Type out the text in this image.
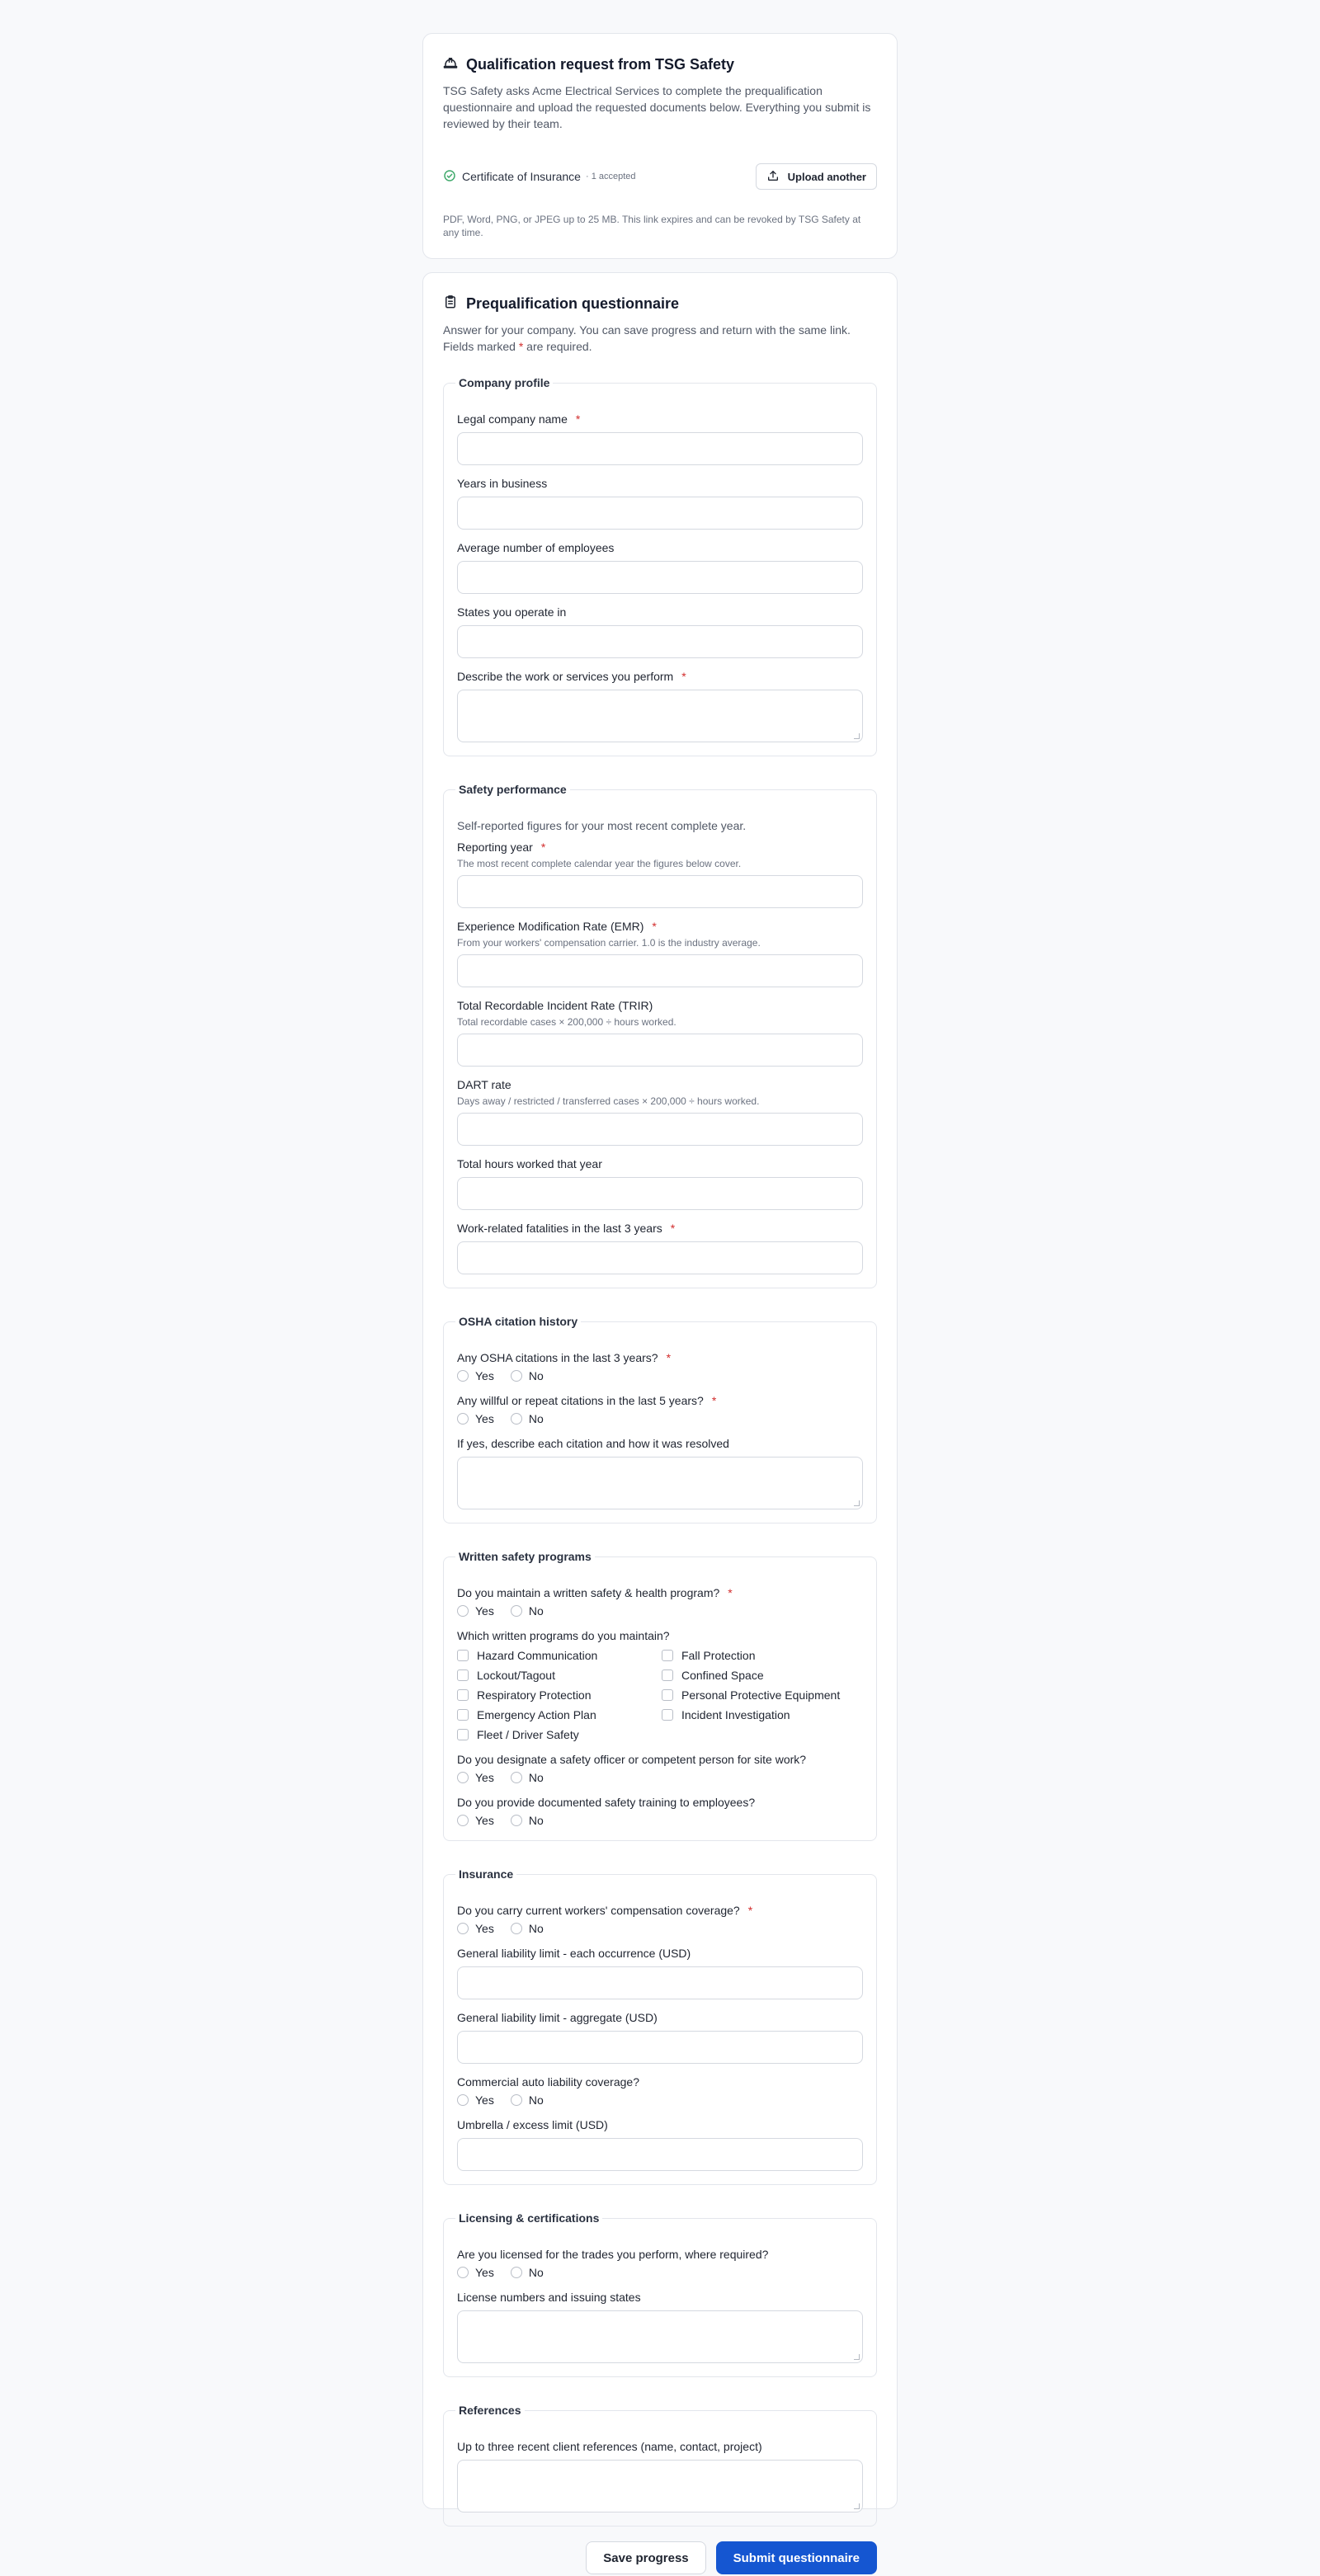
Qualification request from TSG Safety

TSG Safety asks Acme Electrical Services to complete the prequalification questionnaire and upload the requested documents below. Everything you submit is reviewed by their team.

Certificate of Insurance · 1 accepted	Upload another

PDF, Word, PNG, or JPEG up to 25 MB. This link expires and can be revoked by TSG Safety at any time.

Prequalification questionnaire

Answer for your company. You can save progress and return with the same link. Fields marked * are required.

Company profile
Legal company name *
Years in business
Average number of employees
States you operate in
Describe the work or services you perform *
Safety performance

Self-reported figures for your most recent complete year.

Reporting year *
The most recent complete calendar year the figures below cover.
Experience Modification Rate (EMR) *
From your workers' compensation carrier. 1.0 is the industry average.
Total Recordable Incident Rate (TRIR)
Total recordable cases × 200,000 ÷ hours worked.
DART rate
Days away / restricted / transferred cases × 200,000 ÷ hours worked.
Total hours worked that year
Work-related fatalities in the last 3 years *
OSHA citation history
Any OSHA citations in the last 3 years? *
Yes	No
Any willful or repeat citations in the last 5 years? *
Yes	No
If yes, describe each citation and how it was resolved
Written safety programs
Do you maintain a written safety & health program? *
Yes	No
Which written programs do you maintain?
Hazard Communication	Fall Protection
Lockout/Tagout	Confined Space
Respiratory Protection	Personal Protective Equipment
Emergency Action Plan	Incident Investigation
Fleet / Driver Safety
Do you designate a safety officer or competent person for site work?
Yes	No
Do you provide documented safety training to employees?
Yes	No
Insurance
Do you carry current workers' compensation coverage? *
Yes	No
General liability limit - each occurrence (USD)
General liability limit - aggregate (USD)
Commercial auto liability coverage?
Yes	No
Umbrella / excess limit (USD)
Licensing & certifications
Are you licensed for the trades you perform, where required?
Yes	No
License numbers and issuing states
References
Up to three recent client references (name, contact, project)
Save progress	Submit questionnaire
